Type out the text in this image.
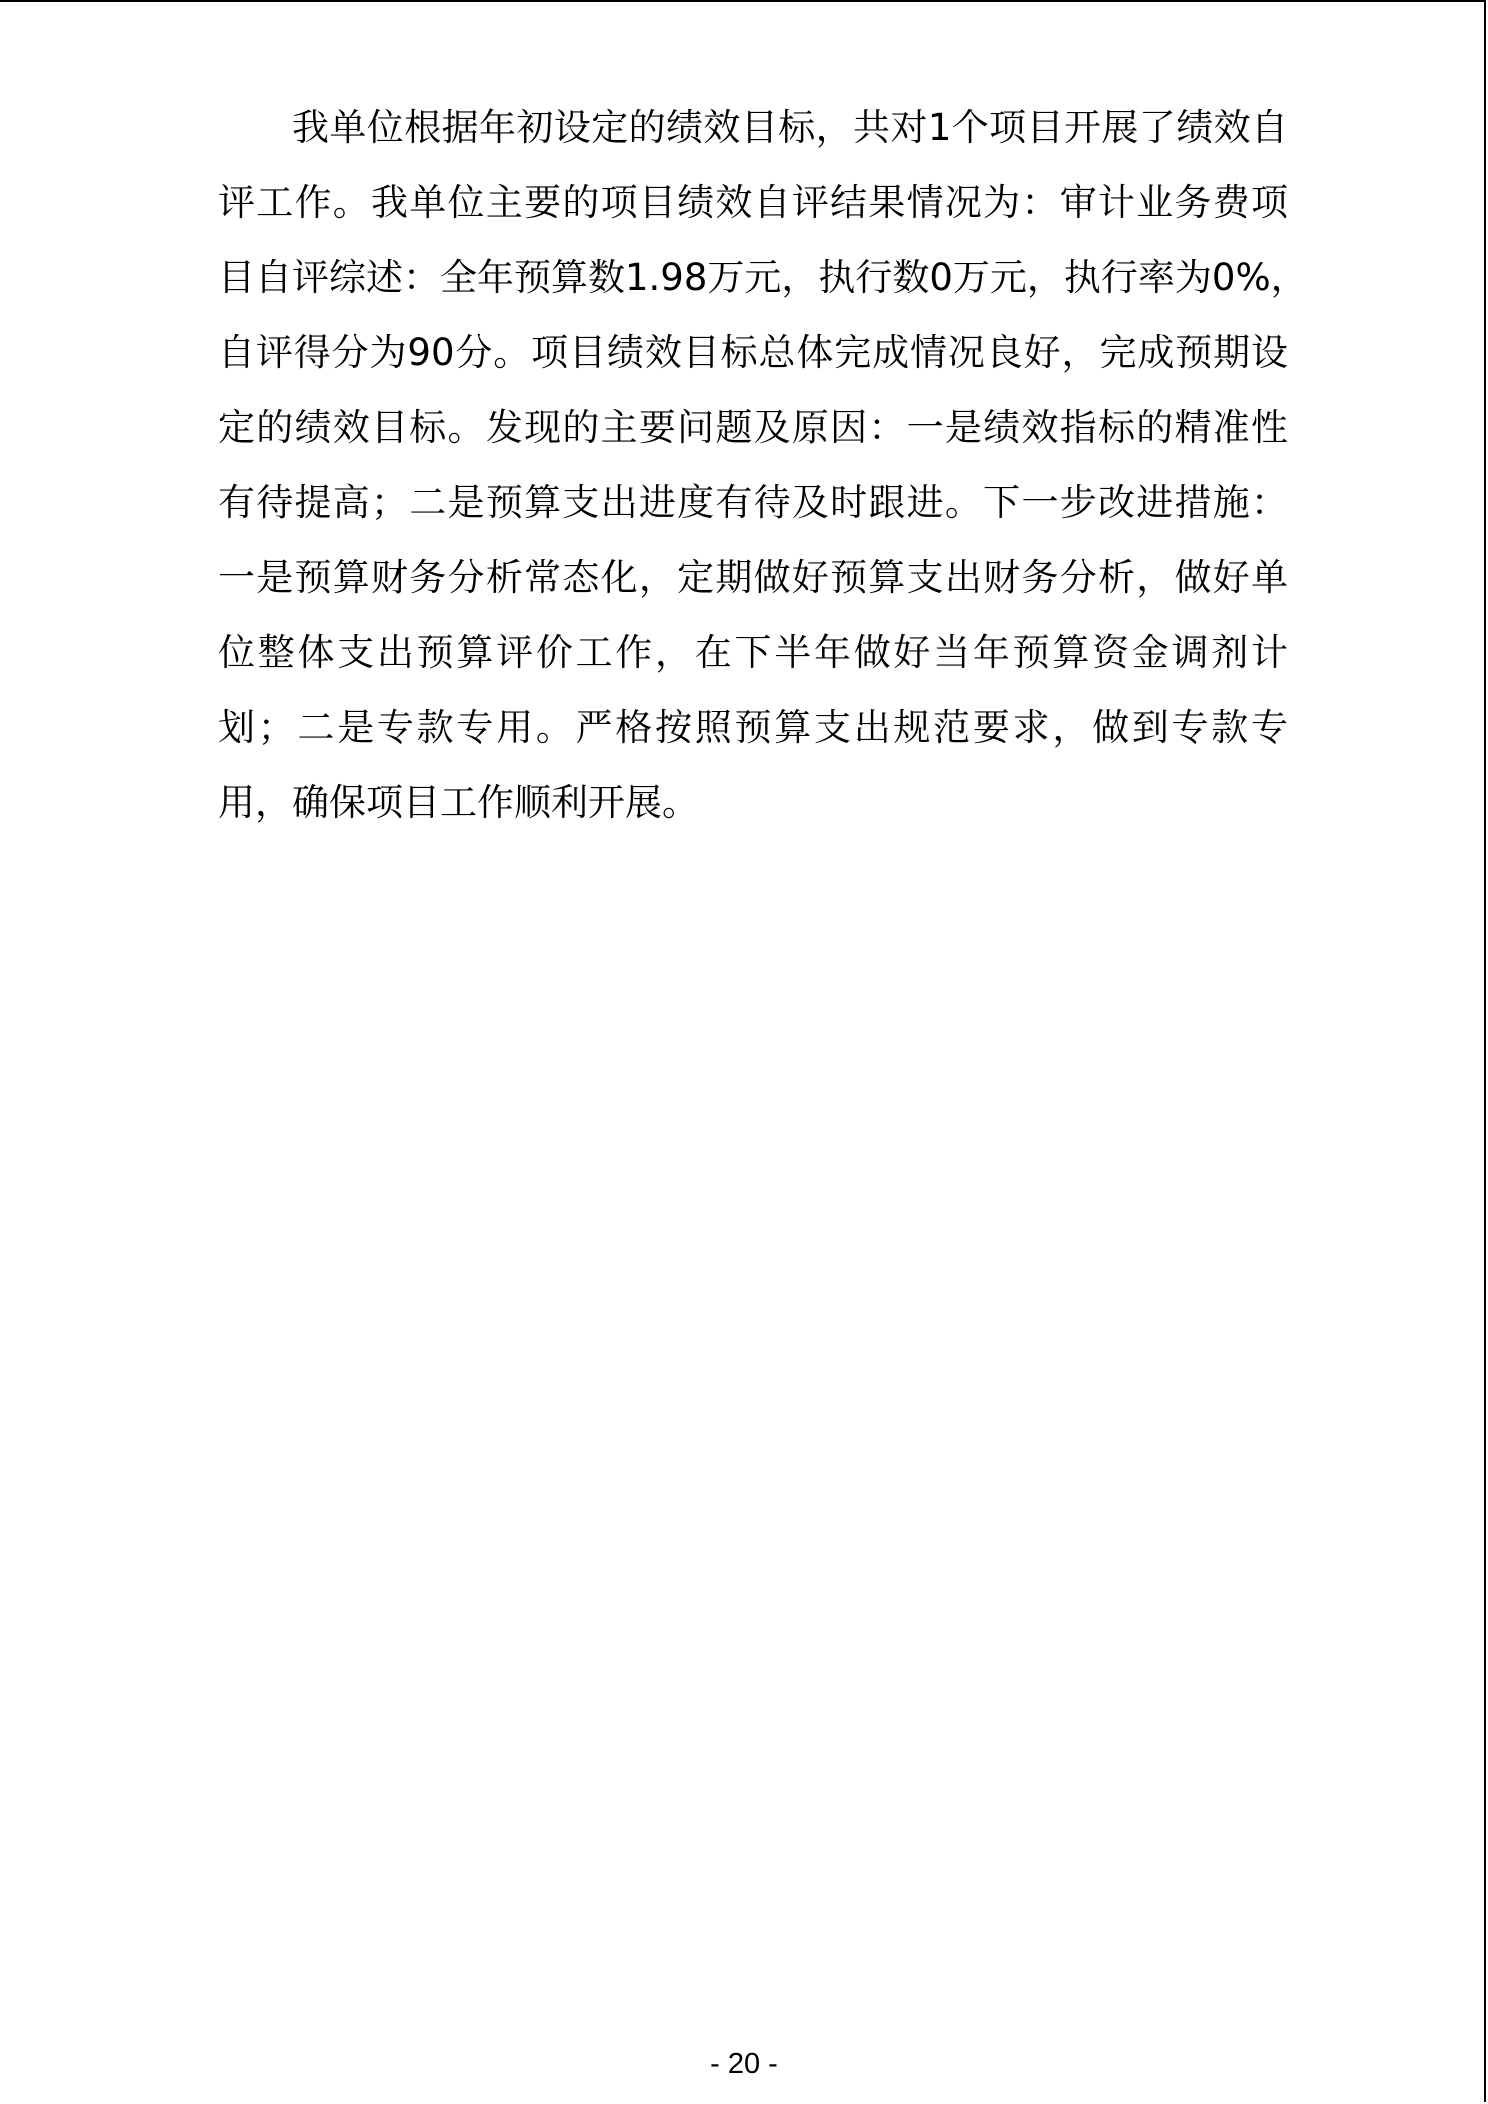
我单位根据年初设定的绩效目标，共对1个项目开展了绩效自
评工作。我单位主要的项目绩效自评结果情况为：审计业务费项
目自评综述：全年预算数1.98万元，执行数0万元，执行率为0%，
自评得分为90分。项目绩效目标总体完成情况良好，完成预期设
定的绩效目标。发现的主要问题及原因：一是绩效指标的精准性
有待提高；二是预算支出进度有待及时跟进。下一步改进措施：
一是预算财务分析常态化，定期做好预算支出财务分析，做好单
位整体支出预算评价工作，在下半年做好当年预算资金调剂计
划；二是专款专用。严格按照预算支出规范要求，做到专款专
用，确保项目工作顺利开展。
- 20 -
